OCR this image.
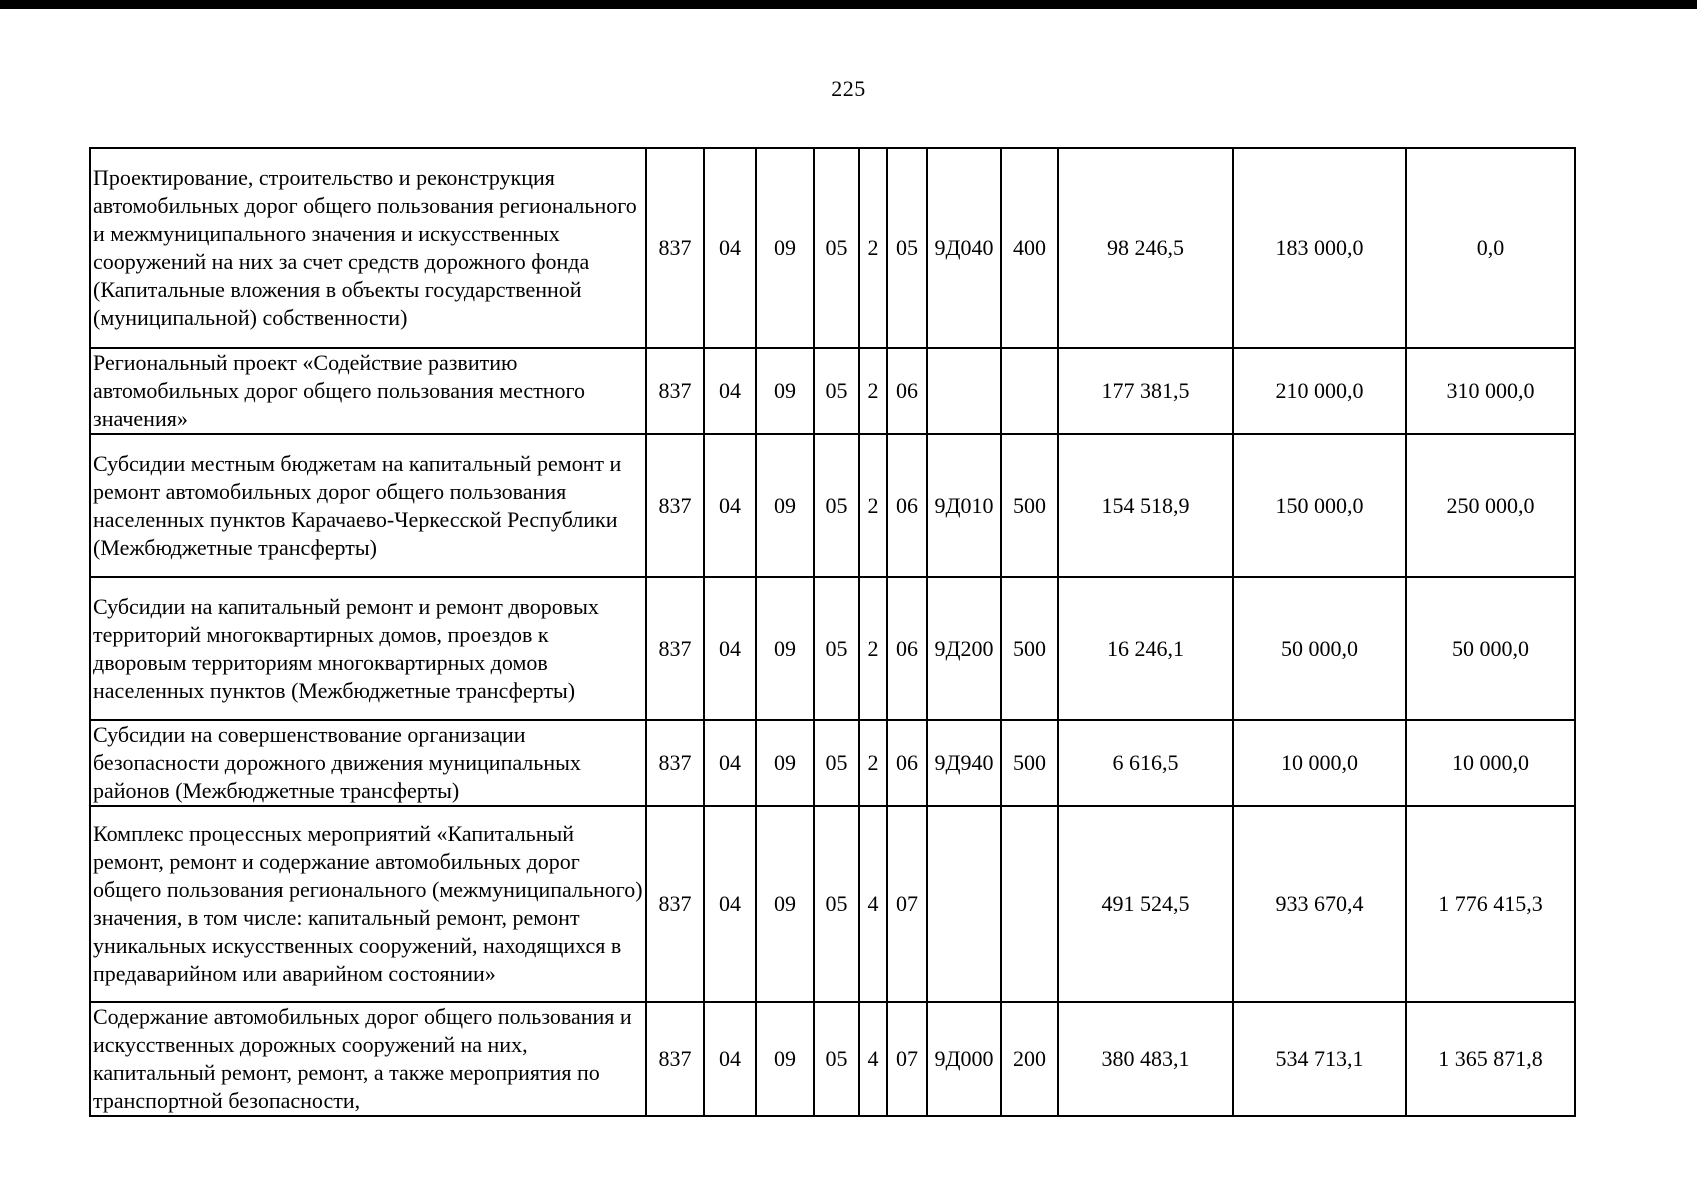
225
Проектирование, строительство и реконструкция автомобильных дорог общего пользования регионального и межмуниципального значения и искусственных сооружений на них за счет средств дорожного фонда (Капитальные вложения в объекты государственной (муниципальной) собственности)	837	04	09	05	2	05	9Д040	400	98 246,5	183 000,0	0,0
Региональный проект «Содействие развитию автомобильных дорог общего пользования местного значения»	837	04	09	05	2	06			177 381,5	210 000,0	310 000,0
Субсидии местным бюджетам на капитальный ремонт и ремонт автомобильных дорог общего пользования населенных пунктов Карачаево-Черкесской Республики (Межбюджетные трансферты)	837	04	09	05	2	06	9Д010	500	154 518,9	150 000,0	250 000,0
Субсидии на капитальный ремонт и ремонт дворовых территорий многоквартирных домов, проездов к дворовым территориям многоквартирных домов населенных пунктов (Межбюджетные трансферты)	837	04	09	05	2	06	9Д200	500	16 246,1	50 000,0	50 000,0
Субсидии на совершенствование организации безопасности дорожного движения муниципальных районов (Межбюджетные трансферты)	837	04	09	05	2	06	9Д940	500	6 616,5	10 000,0	10 000,0
Комплекс процессных мероприятий «Капитальный ремонт, ремонт и содержание автомобильных дорог общего пользования регионального (межмуниципального) значения, в том числе: капитальный ремонт, ремонт уникальных искусственных сооружений, находящихся в предаварийном или аварийном состоянии»	837	04	09	05	4	07			491 524,5	933 670,4	1 776 415,3
Содержание автомобильных дорог общего пользования и искусственных дорожных сооружений на них, капитальный ремонт, ремонт, а также мероприятия по транспортной безопасности,	837	04	09	05	4	07	9Д000	200	380 483,1	534 713,1	1 365 871,8
